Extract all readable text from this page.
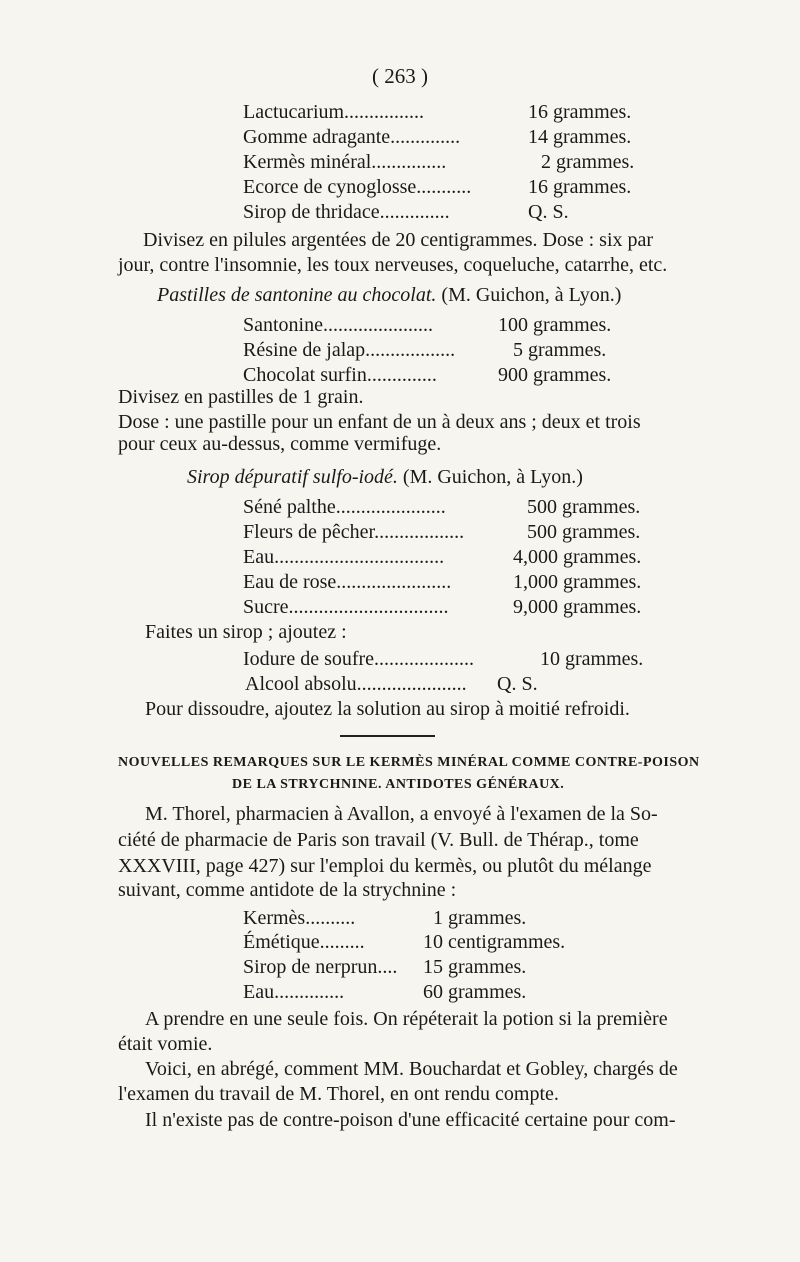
( 263 )
Lactucarium................	16 grammes.
Gomme adragante..............	14 grammes.
Kermès minéral...............	2 grammes.
Ecorce de cynoglosse...........	16 grammes.
Sirop de thridace..............	Q. S.
Divisez en pilules argentées de 20 centigrammes. Dose : six par
jour, contre l'insomnie, les toux nerveuses, coqueluche, catarrhe, etc.
Pastilles de santonine au chocolat. (M. Guichon, à Lyon.)
Santonine......................	100 grammes.
Résine de jalap..................	5 grammes.
Chocolat surfin..............	900 grammes.
Divisez en pastilles de 1 grain.
Dose : une pastille pour un enfant de un à deux ans ; deux et trois
pour ceux au-dessus, comme vermifuge.
Sirop dépuratif sulfo-iodé. (M. Guichon, à Lyon.)
Séné palthe......................	500 grammes.
Fleurs de pêcher..................	500 grammes.
Eau..................................	4,000 grammes.
Eau de rose.......................	1,000 grammes.
Sucre................................	9,000 grammes.
Faites un sirop ; ajoutez :
Iodure de soufre....................	10 grammes.
Alcool absolu...................... Q. S.
Pour dissoudre, ajoutez la solution au sirop à moitié refroidi.
NOUVELLES REMARQUES SUR LE KERMÈS MINÉRAL COMME CONTRE-POISON
DE LA STRYCHNINE. ANTIDOTES GÉNÉRAUX.
M. Thorel, pharmacien à Avallon, a envoyé à l'examen de la So-
ciété de pharmacie de Paris son travail (V. Bull. de Thérap., tome
XXXVIII, page 427) sur l'emploi du kermès, ou plutôt du mélange
suivant, comme antidote de la strychnine :
Kermès..........	1 grammes.
Émétique.........	10 centigrammes.
Sirop de nerprun.... 15 grammes.
Eau..............	60 grammes.
A prendre en une seule fois. On répéterait la potion si la première
était vomie.
Voici, en abrégé, comment MM. Bouchardat et Gobley, chargés de
l'examen du travail de M. Thorel, en ont rendu compte.
Il n'existe pas de contre-poison d'une efficacité certaine pour com-
